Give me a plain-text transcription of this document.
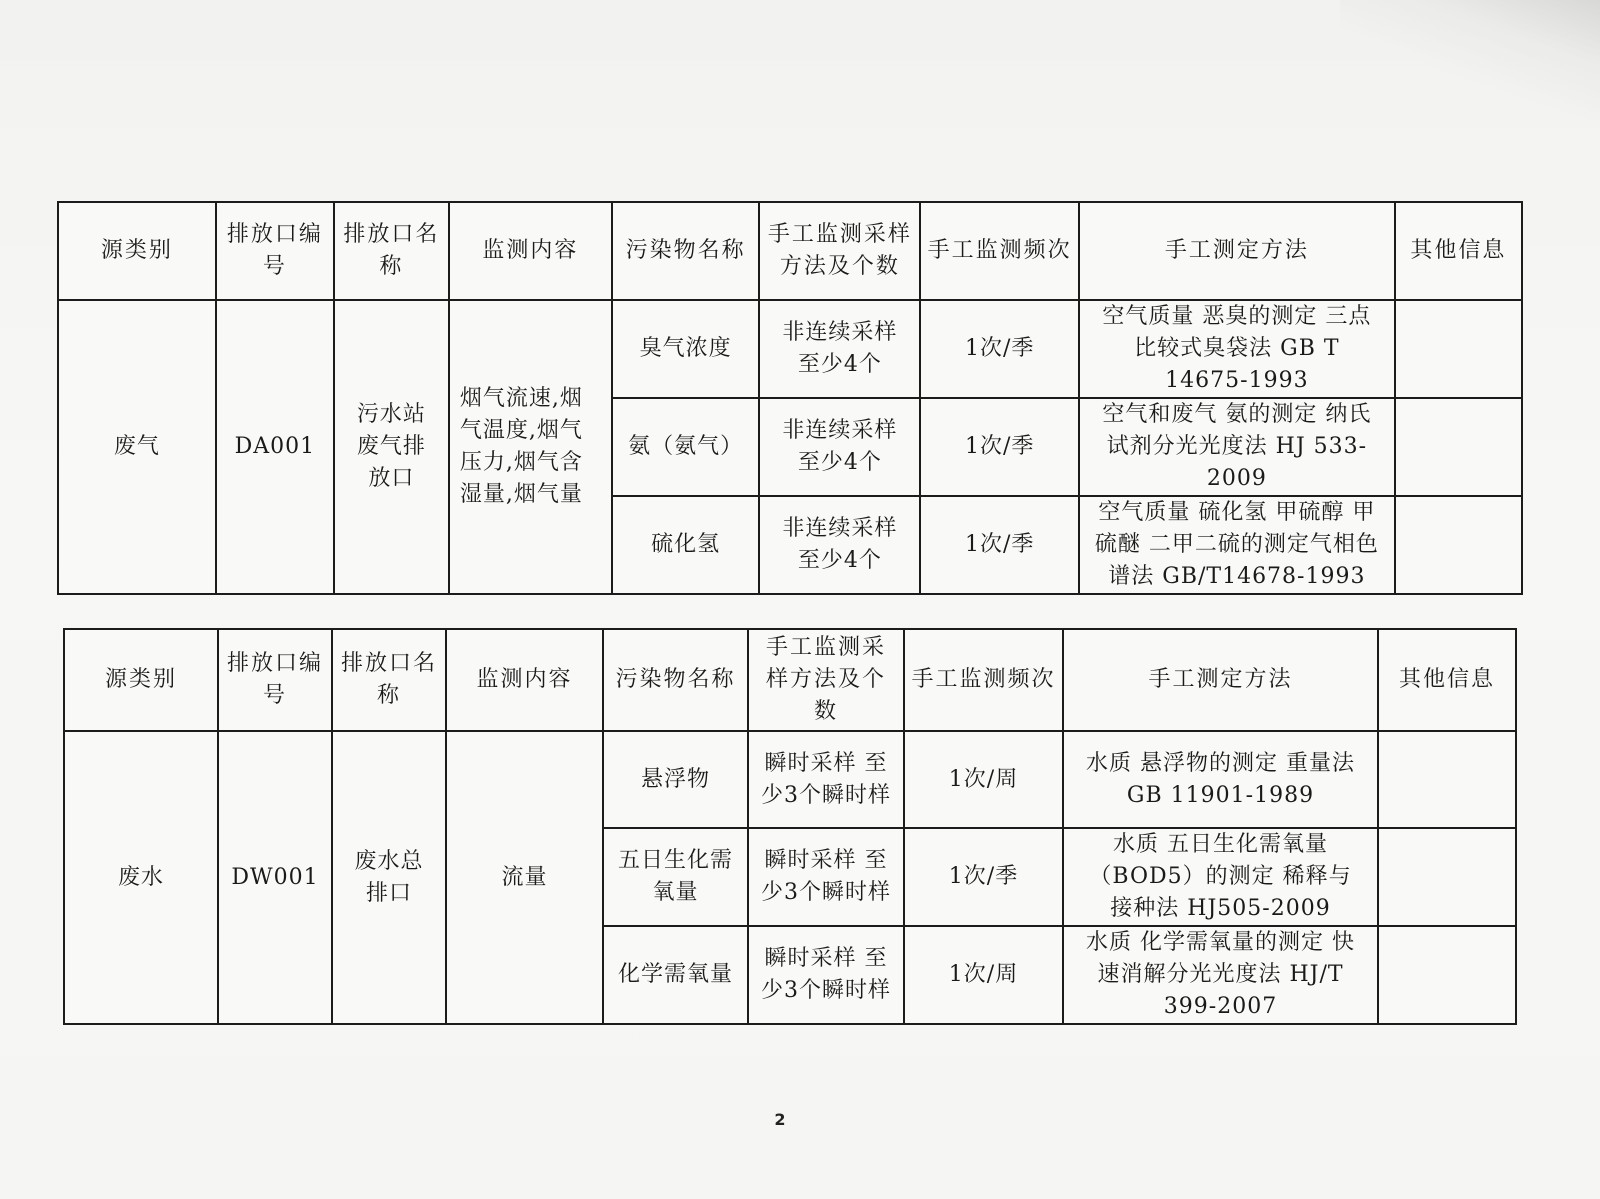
源类别	排放口编号	排放口名称	监测内容	污染物名称	手工监测采样方法及个数	手工监测频次	手工测定方法	其他信息
废气	DA001	污水站废气排放口	烟气流速,烟气温度,烟气压力,烟气含湿量,烟气量	臭气浓度	非连续采样至少4个	1次/季	空气质量 恶臭的测定 三点比较式臭袋法 GB T 14675-1993	
				氨（氨气）	非连续采样至少4个	1次/季	空气和废气 氨的测定 纳氏试剂分光光度法 HJ 533-2009	
				硫化氢	非连续采样至少4个	1次/季	空气质量 硫化氢 甲硫醇 甲硫醚 二甲二硫的测定气相色谱法 GB/T14678-1993	
源类别	排放口编号	排放口名称	监测内容	污染物名称	手工监测采样方法及个数	手工监测频次	手工测定方法	其他信息
废水	DW001	废水总排口	流量	悬浮物	瞬时采样 至少3个瞬时样	1次/周	水质 悬浮物的测定 重量法 GB 11901-1989	
				五日生化需氧量	瞬时采样 至少3个瞬时样	1次/季	水质 五日生化需氧量（BOD5）的测定 稀释与接种法 HJ505-2009	
				化学需氧量	瞬时采样 至少3个瞬时样	1次/周	水质 化学需氧量的测定 快速消解分光光度法 HJ/T 399-2007	
2
